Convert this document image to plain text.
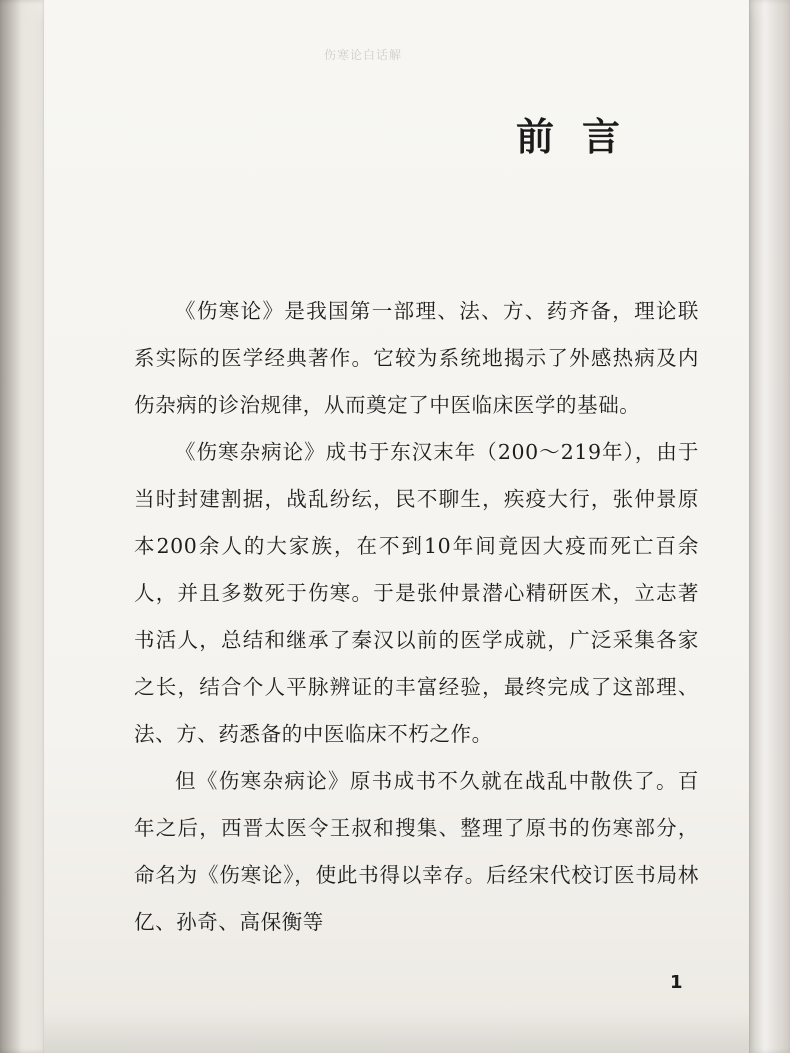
伤寒论白话解
前言

《伤寒论》是我国第一部理、法、方、药齐备，理论联系实际的医学经典著作。它较为系统地揭示了外感热病及内伤杂病的诊治规律，从而奠定了中医临床医学的基础。

《伤寒杂病论》成书于东汉末年（200～219年），由于当时封建割据，战乱纷纭，民不聊生，疾疫大行，张仲景原本200余人的大家族，在不到10年间竟因大疫而死亡百余人，并且多数死于伤寒。于是张仲景潜心精研医术，立志著书活人，总结和继承了秦汉以前的医学成就，广泛采集各家之长，结合个人平脉辨证的丰富经验，最终完成了这部理、法、方、药悉备的中医临床不朽之作。

但《伤寒杂病论》原书成书不久就在战乱中散佚了。百年之后，西晋太医令王叔和搜集、整理了原书的伤寒部分，命名为《伤寒论》，使此书得以幸存。后经宋代校订医书局林亿、孙奇、高保衡等

1
